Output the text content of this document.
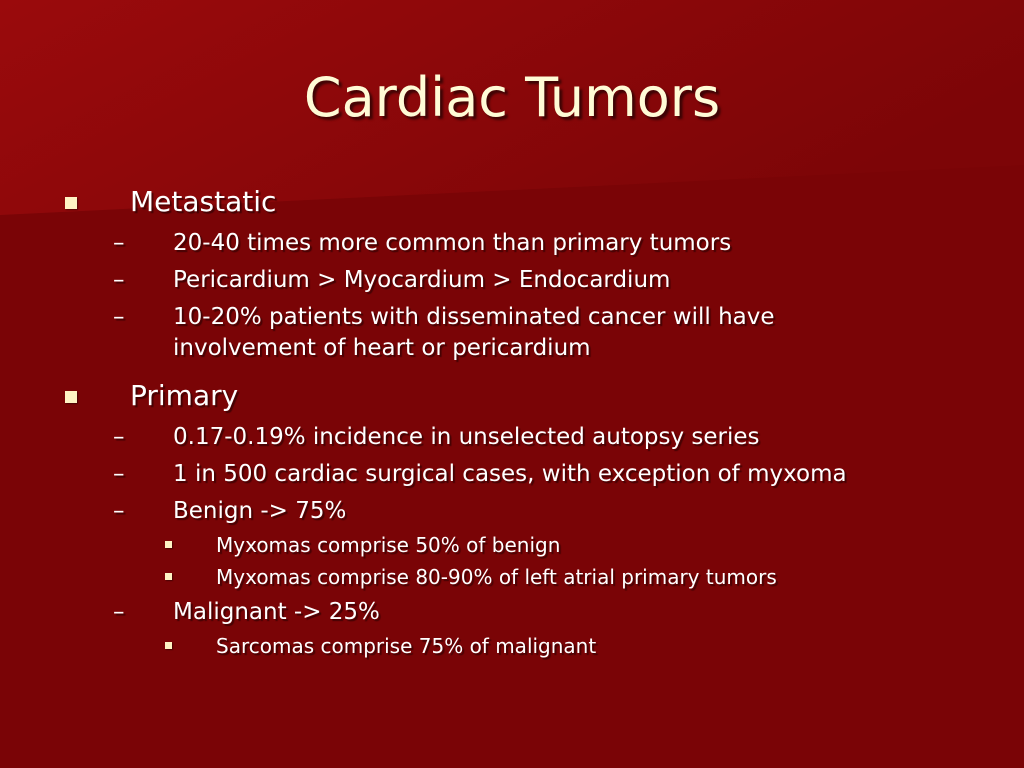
Cardiac Tumors
Metastatic
– 20-40 times more common than primary tumors
– Pericardium > Myocardium > Endocardium
– 10-20% patients with disseminated cancer will have involvement of heart or pericardium
Primary
– 0.17-0.19% incidence in unselected autopsy series
– 1 in 500 cardiac surgical cases, with exception of myxoma
– Benign -> 75%
Myxomas comprise 50% of benign
Myxomas comprise 80-90% of left atrial primary tumors
– Malignant -> 25%
Sarcomas comprise 75% of malignant
